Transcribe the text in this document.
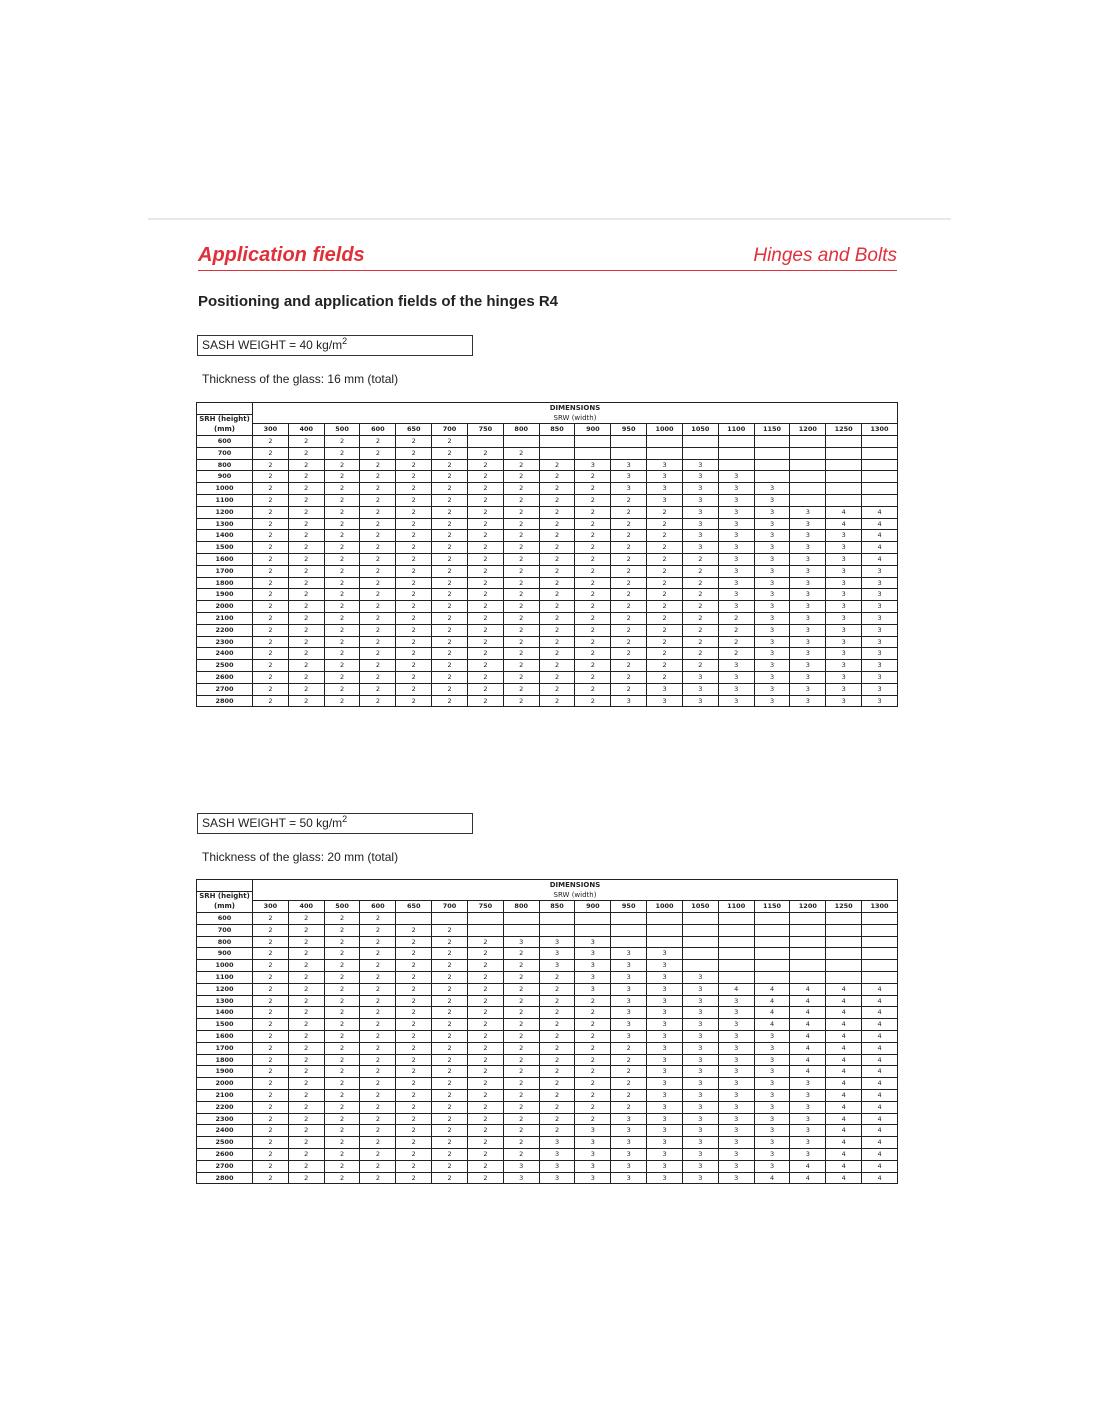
Application fields	Hinges and Bolts
Positioning and application fields of the hinges R4
SASH WEIGHT = 40 $kg/m^2$
Thickness of the glass: 16 mm (total)
	DIMENSIONS																	
SRH (height)	SRW (width)																	
(mm)	300	400	500	600	650	700	750	800	850	900	950	1000	1050	1100	1150	1200	1250	1300
600	2	2	2	2	2	2												
700	2	2	2	2	2	2	2	2										
800	2	2	2	2	2	2	2	2	2	3	3	3	3					
900	2	2	2	2	2	2	2	2	2	2	3	3	3	3				
1000	2	2	2	2	2	2	2	2	2	2	3	3	3	3	3			
1100	2	2	2	2	2	2	2	2	2	2	2	3	3	3	3			
1200	2	2	2	2	2	2	2	2	2	2	2	2	3	3	3	3	4	4
1300	2	2	2	2	2	2	2	2	2	2	2	2	3	3	3	3	4	4
1400	2	2	2	2	2	2	2	2	2	2	2	2	3	3	3	3	3	4
1500	2	2	2	2	2	2	2	2	2	2	2	2	3	3	3	3	3	4
1600	2	2	2	2	2	2	2	2	2	2	2	2	2	3	3	3	3	4
1700	2	2	2	2	2	2	2	2	2	2	2	2	2	3	3	3	3	3
1800	2	2	2	2	2	2	2	2	2	2	2	2	2	3	3	3	3	3
1900	2	2	2	2	2	2	2	2	2	2	2	2	2	3	3	3	3	3
2000	2	2	2	2	2	2	2	2	2	2	2	2	2	3	3	3	3	3
2100	2	2	2	2	2	2	2	2	2	2	2	2	2	2	3	3	3	3
2200	2	2	2	2	2	2	2	2	2	2	2	2	2	2	3	3	3	3
2300	2	2	2	2	2	2	2	2	2	2	2	2	2	2	3	3	3	3
2400	2	2	2	2	2	2	2	2	2	2	2	2	2	2	3	3	3	3
2500	2	2	2	2	2	2	2	2	2	2	2	2	2	3	3	3	3	3
2600	2	2	2	2	2	2	2	2	2	2	2	2	3	3	3	3	3	3
2700	2	2	2	2	2	2	2	2	2	2	2	3	3	3	3	3	3	3
2800	2	2	2	2	2	2	2	2	2	2	3	3	3	3	3	3	3	3
SASH WEIGHT = 50 $kg/m^2$
Thickness of the glass: 20 mm (total)
	DIMENSIONS																	
SRH (height)	SRW (width)																	
(mm)	300	400	500	600	650	700	750	800	850	900	950	1000	1050	1100	1150	1200	1250	1300
600	2	2	2	2														
700	2	2	2	2	2	2												
800	2	2	2	2	2	2	2	3	3	3								
900	2	2	2	2	2	2	2	2	3	3	3	3						
1000	2	2	2	2	2	2	2	2	3	3	3	3						
1100	2	2	2	2	2	2	2	2	2	3	3	3	3					
1200	2	2	2	2	2	2	2	2	2	3	3	3	3	4	4	4	4	4
1300	2	2	2	2	2	2	2	2	2	2	3	3	3	3	4	4	4	4
1400	2	2	2	2	2	2	2	2	2	2	3	3	3	3	4	4	4	4
1500	2	2	2	2	2	2	2	2	2	2	3	3	3	3	4	4	4	4
1600	2	2	2	2	2	2	2	2	2	2	3	3	3	3	3	4	4	4
1700	2	2	2	2	2	2	2	2	2	2	2	3	3	3	3	4	4	4
1800	2	2	2	2	2	2	2	2	2	2	2	3	3	3	3	4	4	4
1900	2	2	2	2	2	2	2	2	2	2	2	3	3	3	3	4	4	4
2000	2	2	2	2	2	2	2	2	2	2	2	3	3	3	3	3	4	4
2100	2	2	2	2	2	2	2	2	2	2	2	3	3	3	3	3	4	4
2200	2	2	2	2	2	2	2	2	2	2	2	3	3	3	3	3	4	4
2300	2	2	2	2	2	2	2	2	2	2	3	3	3	3	3	3	4	4
2400	2	2	2	2	2	2	2	2	2	3	3	3	3	3	3	3	4	4
2500	2	2	2	2	2	2	2	2	3	3	3	3	3	3	3	3	4	4
2600	2	2	2	2	2	2	2	2	3	3	3	3	3	3	3	3	4	4
2700	2	2	2	2	2	2	2	3	3	3	3	3	3	3	3	4	4	4
2800	2	2	2	2	2	2	2	3	3	3	3	3	3	3	4	4	4	4
